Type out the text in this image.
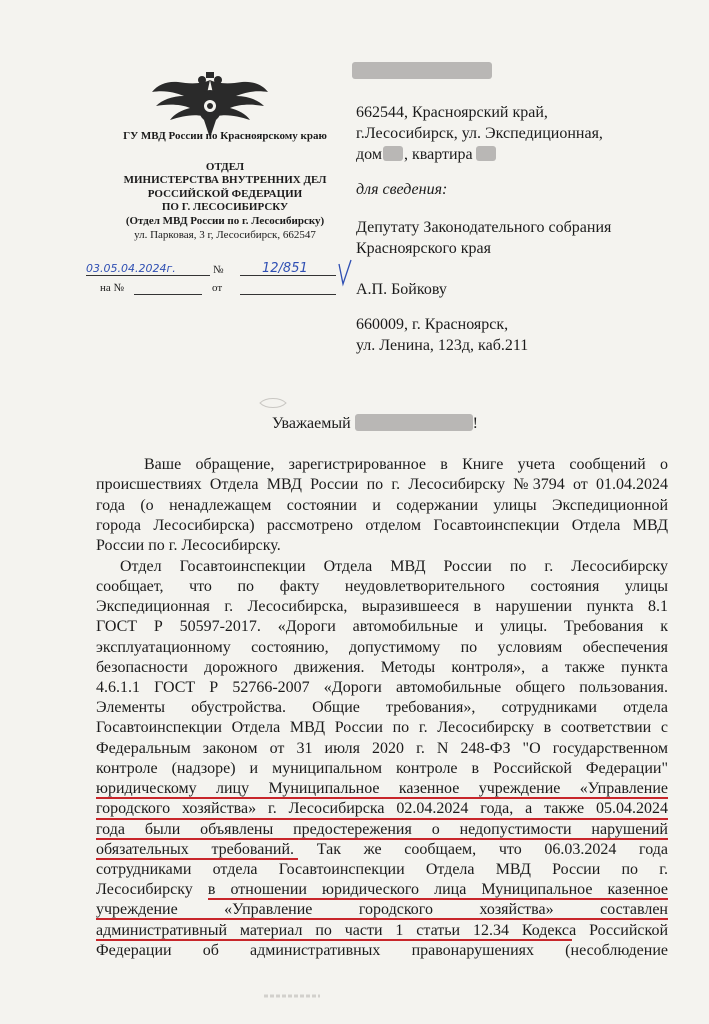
ГУ МВД России по Красноярскому краю
ОТДЕЛ
МИНИСТЕРСТВА ВНУТРЕННИХ ДЕЛ
РОССИЙСКОЙ ФЕДЕРАЦИИ
ПО Г. ЛЕСОСИБИРСКУ
(Отдел МВД России по г. Лесосибирску)
ул. Парковая, 3 г, Лесосибирск, 662547
03.05.04.2024г.	№	12/851
на №	от
662544, Красноярский край,
г.Лесосибирск, ул. Экспедиционная,
дом , квартира
для сведения:
Депутату Законодательного собрания
Красноярского края
А.П. Бойкову
660009, г. Красноярск,
ул. Ленина, 123д, каб.211
Уважаемый	!
Ваше обращение, зарегистрированное в Книге учета сообщений о
происшествиях Отдела МВД России по г. Лесосибирску №3794 от 01.04.2024
года (о ненадлежащем состоянии и содержании улицы Экспедиционной
города Лесосибирска) рассмотрено отделом Госавтоинспекции Отдела МВД
России по г. Лесосибирску.
Отдел Госавтоинспекции Отдела МВД России по г. Лесосибирску
сообщает, что по факту неудовлетворительного состояния улицы
Экспедиционная г. Лесосибирска, выразившееся в нарушении пункта 8.1
ГОСТ Р 50597-2017. «Дороги автомобильные и улицы. Требования к
эксплуатационному состоянию, допустимому по условиям обеспечения
безопасности дорожного движения. Методы контроля», а также пункта
4.6.1.1 ГОСТ Р 52766-2007 «Дороги автомобильные общего пользования.
Элементы обустройства. Общие требования», сотрудниками отдела
Госавтоинспекции Отдела МВД России по г. Лесосибирску в соответствии с
Федеральным законом от 31 июля 2020 г. N 248-ФЗ "О государственном
контроле (надзоре) и муниципальном контроле в Российской Федерации"
юридическому лицу Муниципальное казенное учреждение «Управление
городского хозяйства» г. Лесосибирска 02.04.2024 года, а также 05.04.2024
года были объявлены предостережения о недопустимости нарушений
обязательных требований. Так же сообщаем, что 06.03.2024 года
сотрудниками отдела Госавтоинспекции Отдела МВД России по г.
Лесосибирску в отношении юридического лица Муниципальное казенное
учреждение «Управление городского хозяйства» составлен
административный материал по части 1 статьи 12.34 Кодекса Российской
Федерации об административных правонарушениях (несоблюдение
